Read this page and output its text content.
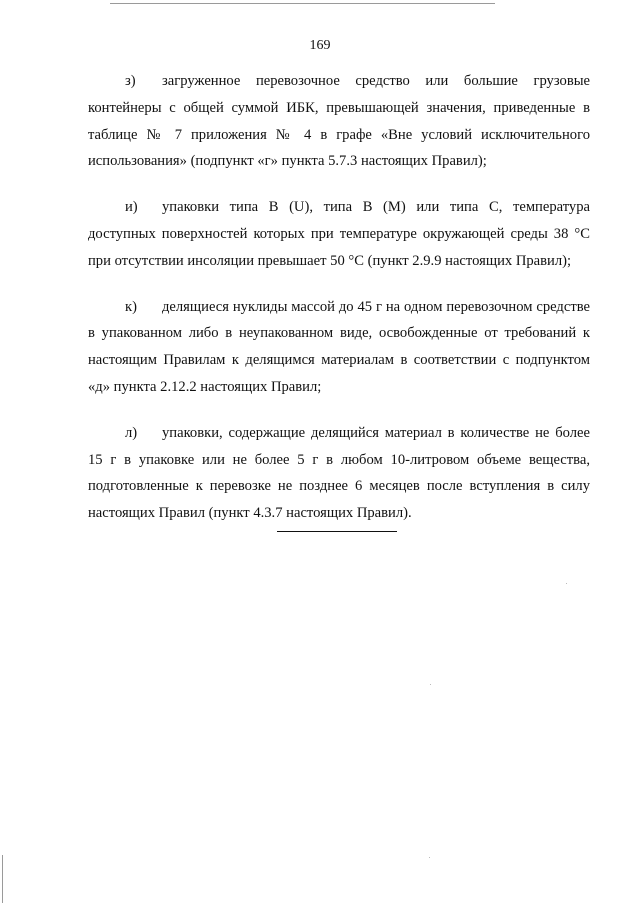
169

з) загруженное перевозочное средство или большие грузовые контейнеры с общей суммой ИБК, превышающей значения, приведенные в таблице № 7 приложения № 4 в графе «Вне условий исключительного использования» (подпункт «г» пункта 5.7.3 настоящих Правил);

и) упаковки типа B (U), типа B (M) или типа C, температура доступных поверхностей которых при температуре окружающей среды 38 °C при отсутствии инсоляции превышает 50 °C (пункт 2.9.9 настоящих Правил);

к) делящиеся нуклиды массой до 45 г на одном перевозочном средстве в упакованном либо в неупакованном виде, освобожденные от требований к настоящим Правилам к делящимся материалам в соответствии с подпунктом «д» пункта 2.12.2 настоящих Правил;

л) упаковки, содержащие делящийся материал в количестве не более 15 г в упаковке или не более 5 г в любом 10-литровом объеме вещества, подготовленные к перевозке не позднее 6 месяцев после вступления в силу настоящих Правил (пункт 4.3.7 настоящих Правил).
